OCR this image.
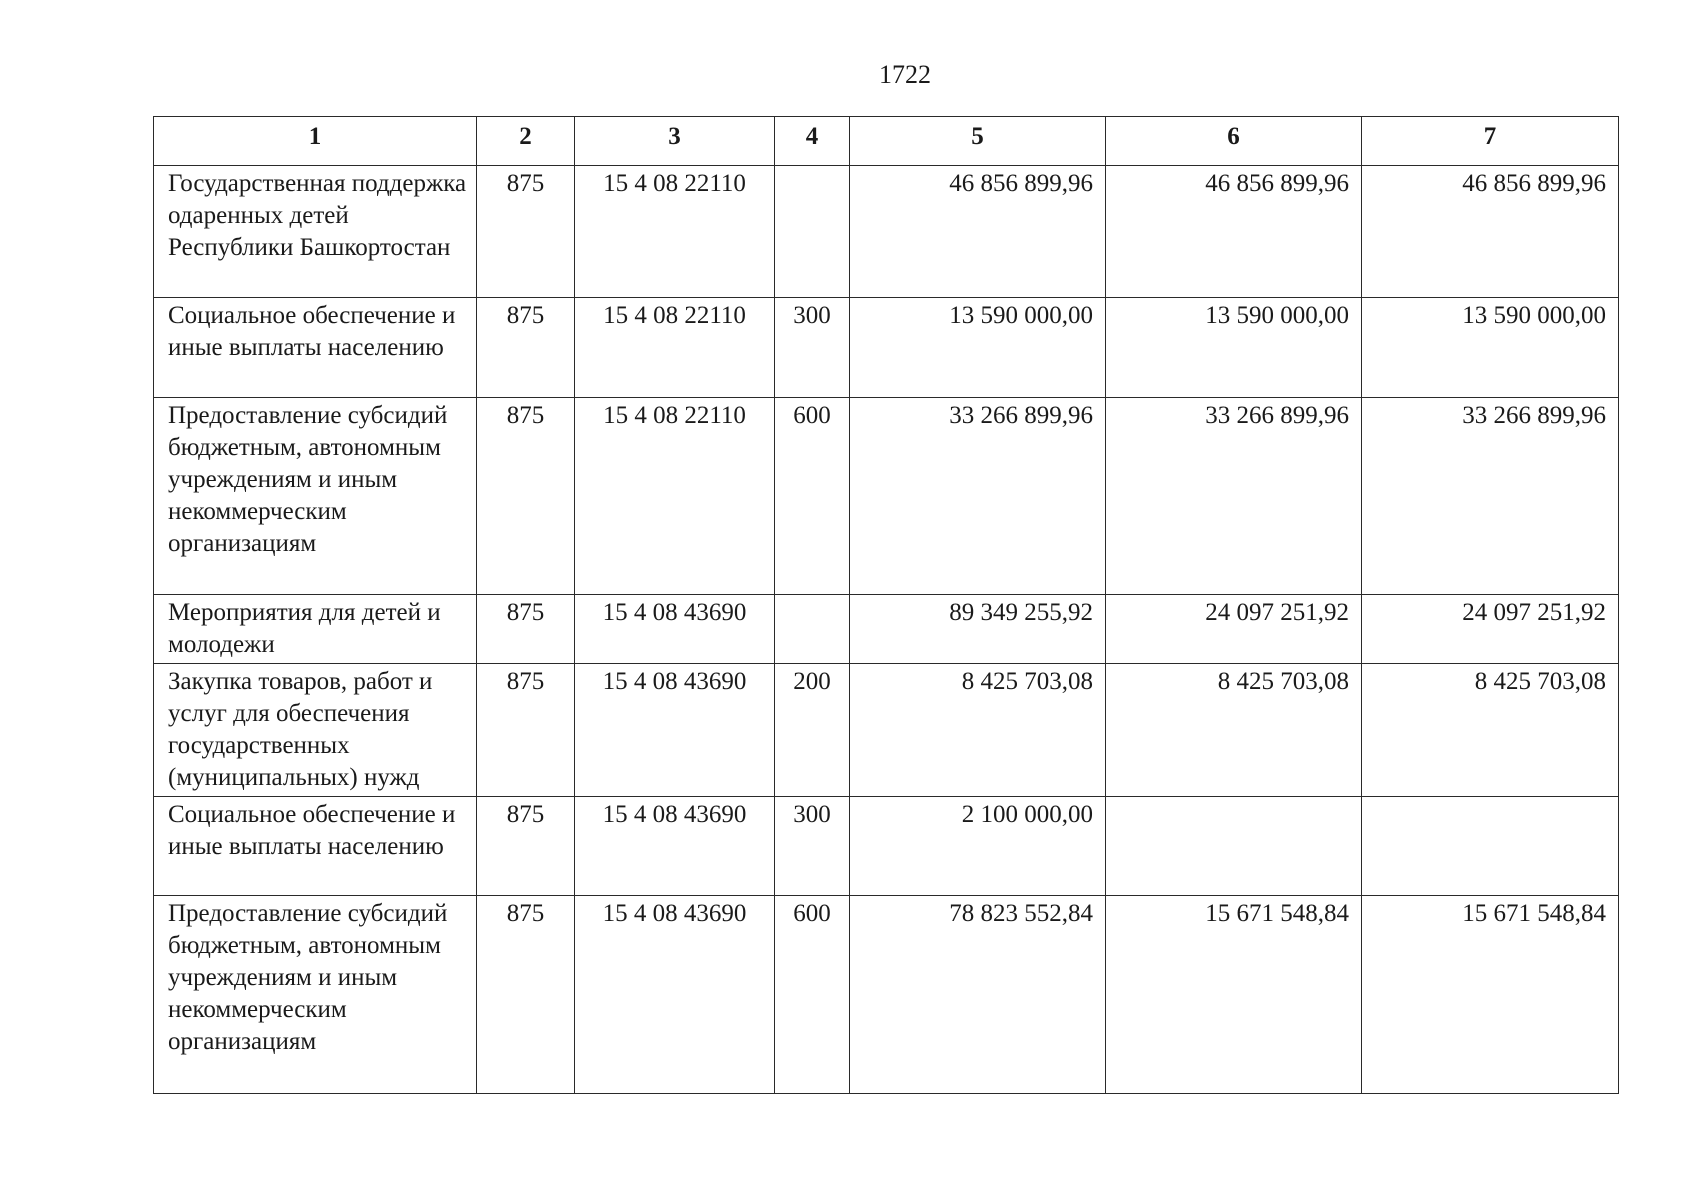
1722
1	2	3	4	5	6	7
Государственная поддержка одаренных детей Республики Башкортостан	875	15 4 08 22110		46 856 899,96	46 856 899,96	46 856 899,96
Социальное обеспечение и иные выплаты населению	875	15 4 08 22110	300	13 590 000,00	13 590 000,00	13 590 000,00
Предоставление субсидий бюджетным, автономным учреждениям и иным некоммерческим организациям	875	15 4 08 22110	600	33 266 899,96	33 266 899,96	33 266 899,96
Мероприятия для детей и молодежи	875	15 4 08 43690		89 349 255,92	24 097 251,92	24 097 251,92
Закупка товаров, работ и услуг для обеспечения государственных (муниципальных) нужд	875	15 4 08 43690	200	8 425 703,08	8 425 703,08	8 425 703,08
Социальное обеспечение и иные выплаты населению	875	15 4 08 43690	300	2 100 000,00		
Предоставление субсидий бюджетным, автономным учреждениям и иным некоммерческим организациям	875	15 4 08 43690	600	78 823 552,84	15 671 548,84	15 671 548,84
